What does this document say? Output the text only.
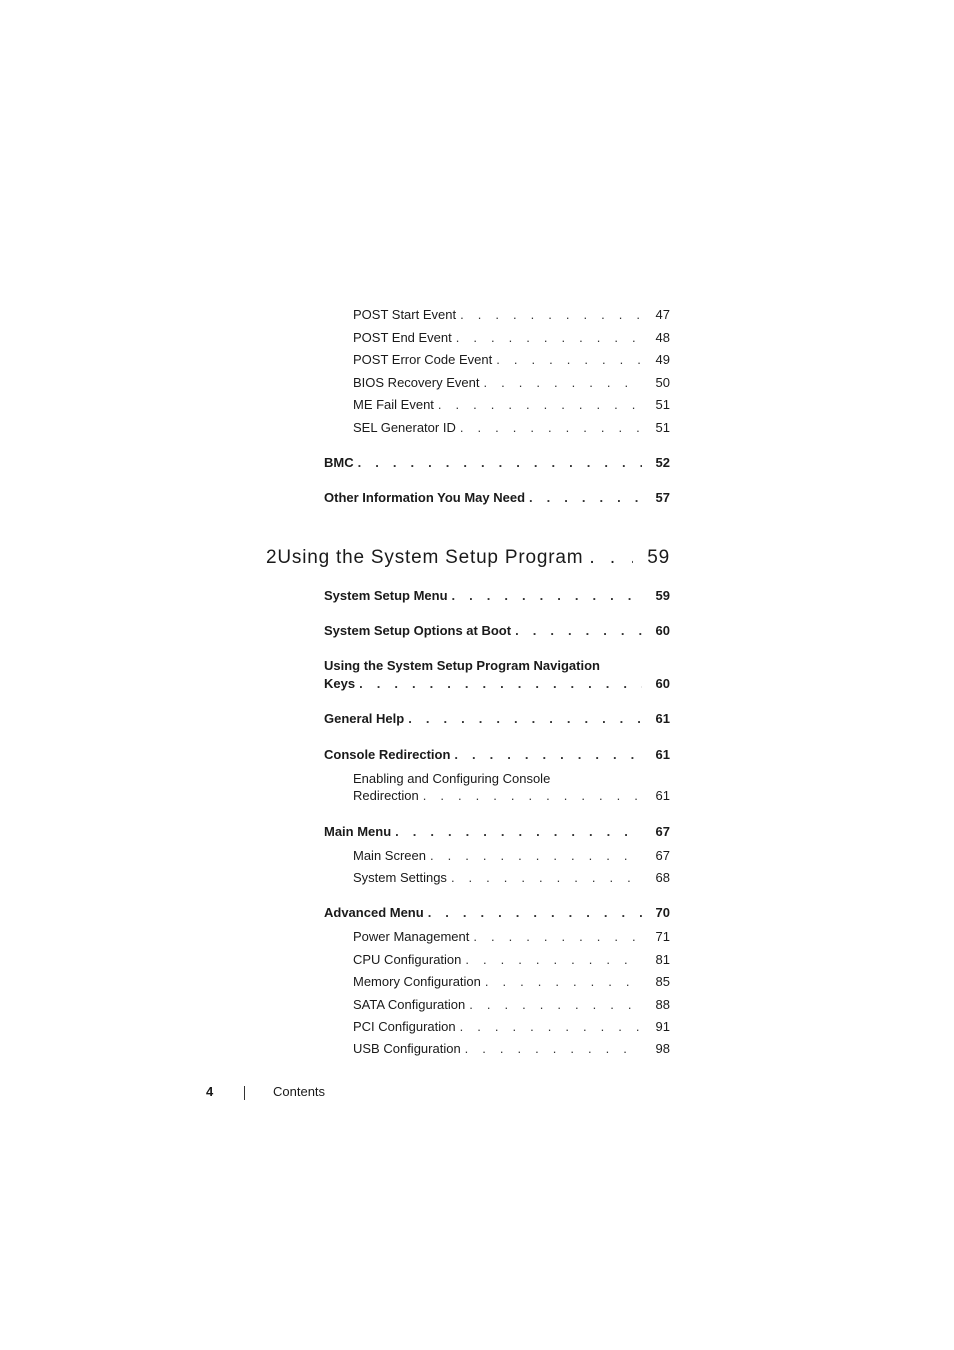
POST Start Event . . .	47
POST End Event . . .	48
POST Error Code Event . . .	49
BIOS Recovery Event . . .	50
ME Fail Event . . .	51
SEL Generator ID . . .	51
BMC . . .	52
Other Information You May Need . . .	57
2 Using the System Setup Program . . .	59
System Setup Menu . . .	59
System Setup Options at Boot . . .	60
Using the System Setup Program Navigation
Keys . . .	60
General Help . . .	61
Console Redirection . . .	61
Enabling and Configuring Console
Redirection . . .	61
Main Menu . . .	67
Main Screen . . .	67
System Settings . . .	68
Advanced Menu . . .	70
Power Management . . .	71
CPU Configuration . . .	81
Memory Configuration . . .	85
SATA Configuration . . .	88
PCI Configuration . . .	91
USB Configuration . . .	98
4	Contents
